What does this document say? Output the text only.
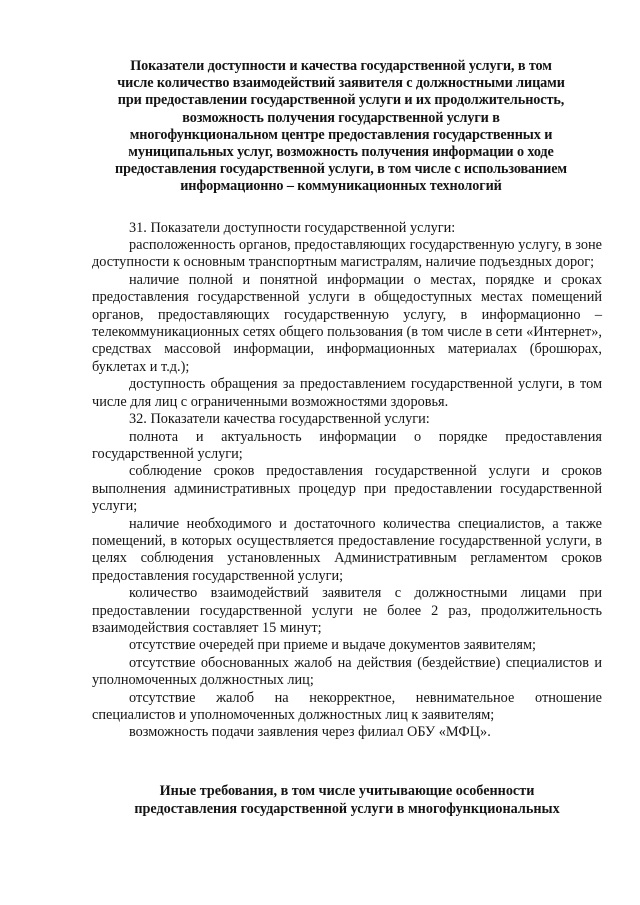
Показатели доступности и качества государственной услуги, в том
числе количество взаимодействий заявителя с должностными лицами
при предоставлении государственной услуги и их продолжительность,
возможность получения государственной услуги в
многофункциональном центре предоставления государственных и
муниципальных услуг, возможность получения информации о ходе
предоставления государственной услуги, в том числе с использованием
информационно – коммуникационных технологий

31. Показатели доступности государственной услуги:

расположенность органов, предоставляющих государственную услугу, в зоне доступности к основным транспортным магистралям, наличие подъездных дорог;

наличие полной и понятной информации о местах, порядке и сроках предоставления государственной услуги в общедоступных местах помещений органов, предоставляющих государственную услугу, в информационно – телекоммуникационных сетях общего пользования (в том числе в сети «Интернет», средствах массовой информации, информационных материалах (брошюрах, буклетах и т.д.);

доступность обращения за предоставлением государственной услуги, в том числе для лиц с ограниченными возможностями здоровья.

32. Показатели качества государственной услуги:

полнота и актуальность информации о порядке предоставления государственной услуги;

соблюдение сроков предоставления государственной услуги и сроков выполнения административных процедур при предоставлении государственной услуги;

наличие необходимого и достаточного количества специалистов, а также помещений, в которых осуществляется предоставление государственной услуги, в целях соблюдения установленных Административным регламентом сроков предоставления государственной услуги;

количество взаимодействий заявителя с должностными лицами при предоставлении государственной услуги не более 2 раз, продолжительность взаимодействия составляет 15 минут;

отсутствие очередей при приеме и выдаче документов заявителям;

отсутствие обоснованных жалоб на действия (бездействие) специалистов и уполномоченных должностных лиц;

отсутствие жалоб на некорректное, невнимательное отношение специалистов и уполномоченных должностных лиц к заявителям;

возможность подачи заявления через филиал ОБУ «МФЦ».

Иные требования, в том числе учитывающие особенности
предоставления государственной услуги в многофункциональных
